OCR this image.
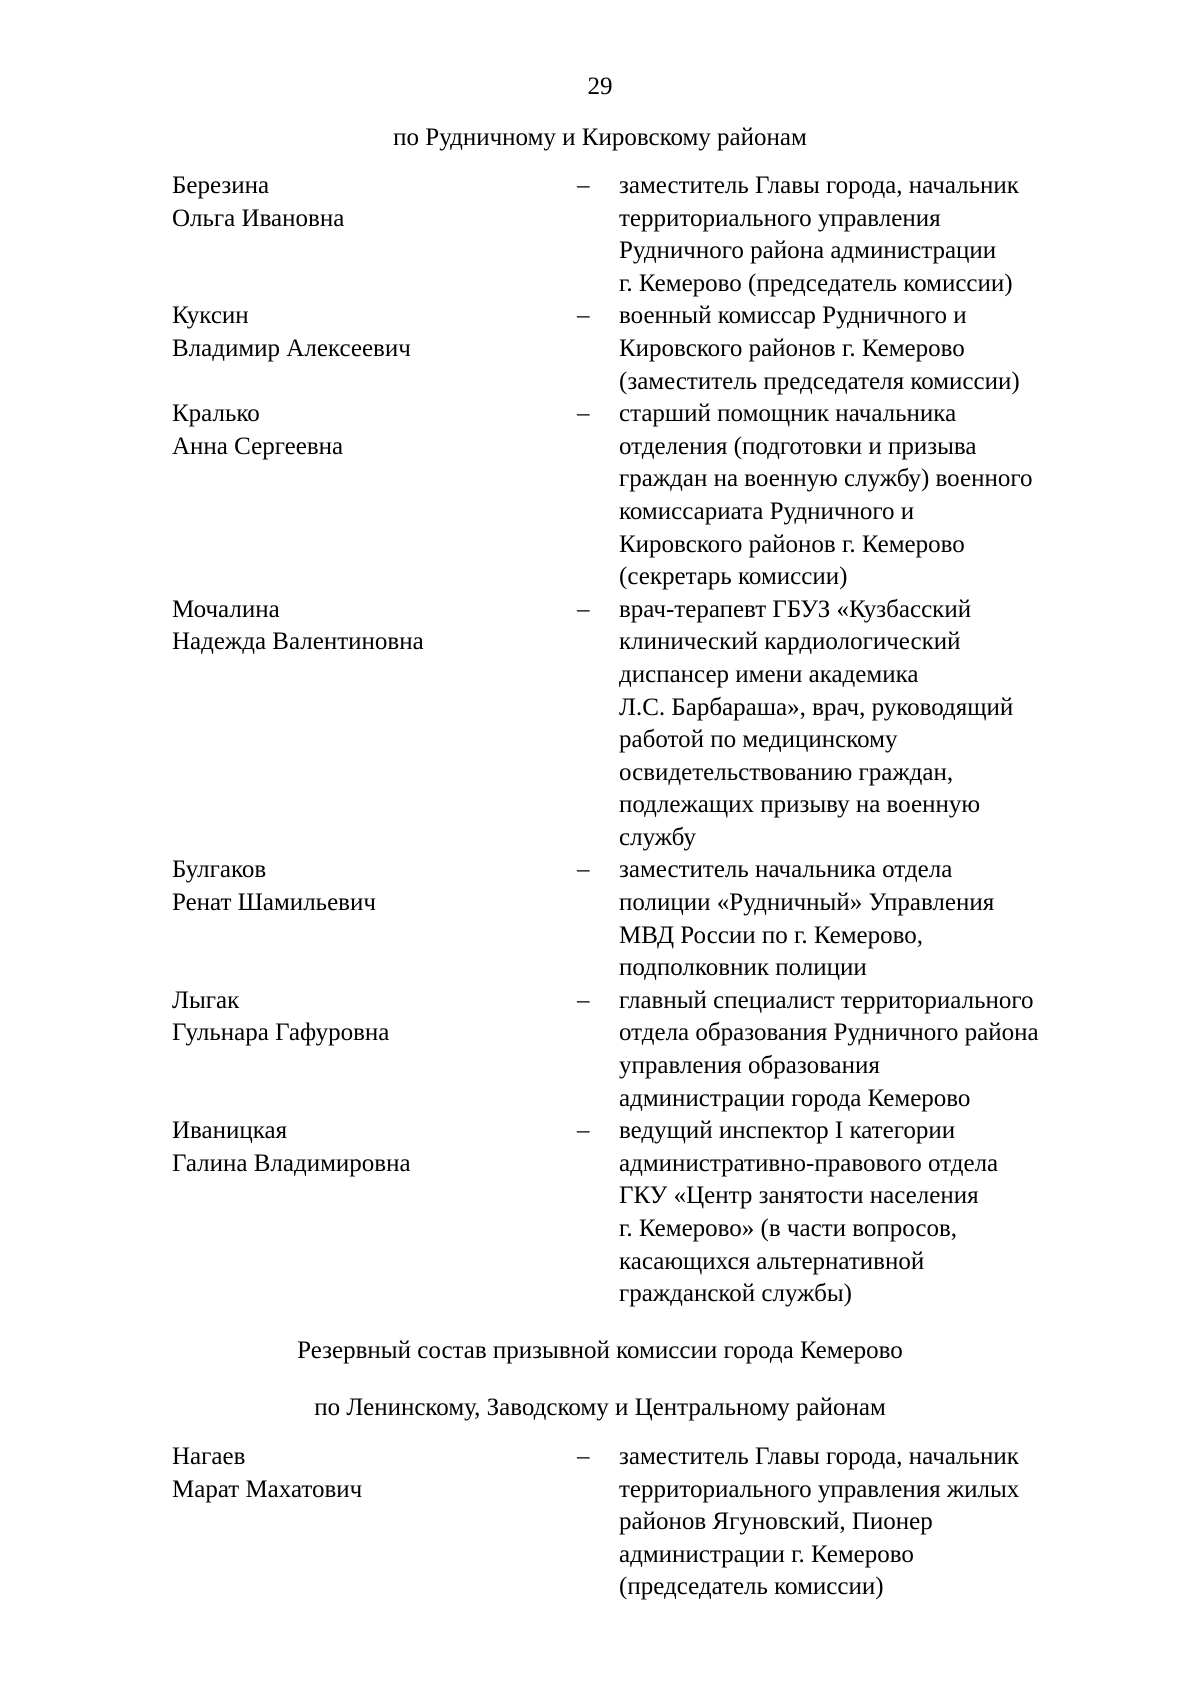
29
по Рудничному и Кировскому районам
Березина
Ольга Ивановна
–	заместитель Главы города, начальник
территориального управления
Рудничного района администрации
г. Кемерово (председатель комиссии)
Куксин
Владимир Алексеевич
–	военный комиссар Рудничного и
Кировского районов г. Кемерово
(заместитель председателя комиссии)
Кралько
Анна Сергеевна
–	старший помощник начальника
отделения (подготовки и призыва
граждан на военную службу) военного
комиссариата Рудничного и
Кировского районов г. Кемерово
(секретарь комиссии)
Мочалина
Надежда Валентиновна
–	врач-терапевт ГБУЗ «Кузбасский
клинический кардиологический
диспансер имени академика
Л.С. Барбараша», врач, руководящий
работой по медицинскому
освидетельствованию граждан,
подлежащих призыву на военную
службу
Булгаков
Ренат Шамильевич
–	заместитель начальника отдела
полиции «Рудничный» Управления
МВД России по г. Кемерово,
подполковник полиции
Лыгак
Гульнара Гафуровна
–	главный специалист территориального
отдела образования Рудничного района
управления образования
администрации города Кемерово
Иваницкая
Галина Владимировна
–	ведущий инспектор I категории
административно-правового отдела
ГКУ «Центр занятости населения
г. Кемерово» (в части вопросов,
касающихся альтернативной
гражданской службы)
Резервный состав призывной комиссии города Кемерово
по Ленинскому, Заводскому и Центральному районам
Нагаев
Марат Махатович
–	заместитель Главы города, начальник
территориального управления жилых
районов Ягуновский, Пионер
администрации г. Кемерово
(председатель комиссии)
